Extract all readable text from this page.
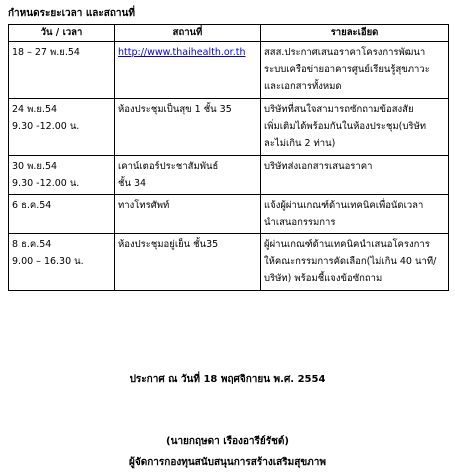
กำหนดระยะเวลา และสถานที่
วัน / เวลา	สถานที่	รายละเอียด

18 – 27 พ.ย.54	http://www.thaihealth.or.th	สสส.ประกาศเสนอราคาโครงการพัฒนา
ระบบเครือข่ายอาคารศูนย์เรียนรู้สุขภาวะ
และเอกสารทั้งหมด

24 พ.ย.54
9.30 -12.00 น.	ห้องประชุมเป็นสุข 1 ชั้น 35	บริษัทที่สนใจสามารถซักถามข้อสงสัย
เพิ่มเติมได้พร้อมกันในห้องประชุม(บริษัท
ละไม่เกิน 2 ท่าน)

30 พ.ย.54
9.30 -12.00 น.	เคาน์เตอร์ประชาสัมพันธ์
ชั้น 34	บริษัทส่งเอกสารเสนอราคา

6 ธ.ค.54	ทางโทรศัพท์	แจ้งผู้ผ่านเกณฑ์ด้านเทคนิคเพื่อนัดเวลา
นำเสนอกรรมการ

8 ธ.ค.54
9.00 – 16.30 น.	ห้องประชุมอยู่เย็น ชั้น35	ผู้ผ่านเกณฑ์ด้านเทคนิคนำเสนอโครงการ
ให้คณะกรรมการคัดเลือก(ไม่เกิน 40 นาที/
บริษัท) พร้อมชี้แจงข้อซักถาม
ประกาศ ณ วันที่ 18 พฤศจิกายน พ.ศ. 2554
(นายกฤษดา เรืองอารีย์รัชต์)
ผู้จัดการกองทุนสนับสนุนการสร้างเสริมสุขภาพ
